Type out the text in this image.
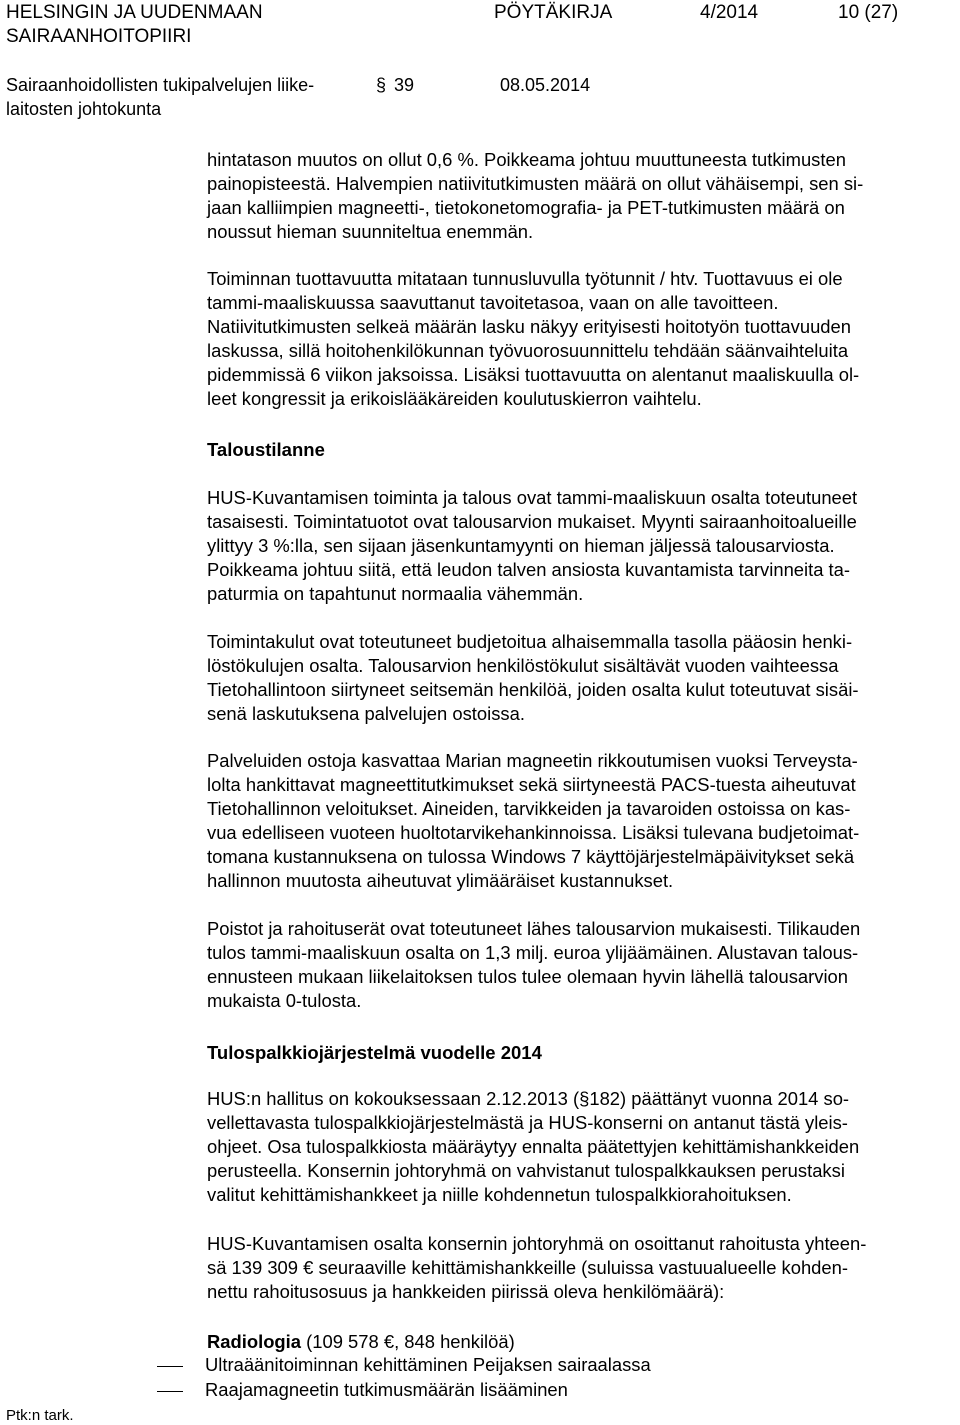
HELSINGIN JA UUDENMAAN
SAIRAANHOITOPIIRI
PÖYTÄKIRJA	4/2014	10 (27)
Sairaanhoidollisten tukipalvelujen liike-
laitosten johtokunta
§ 39	08.05.2014
hintatason muutos on ollut 0,6 %. Poikkeama johtuu muuttuneesta tutkimusten
painopisteestä. Halvempien natiivitutkimusten määrä on ollut vähäisempi, sen si-
jaan kalliimpien magneetti-, tietokonetomografia- ja PET-tutkimusten määrä on
noussut hieman suunniteltua enemmän.
Toiminnan tuottavuutta mitataan tunnusluvulla työtunnit / htv. Tuottavuus ei ole
tammi-maaliskuussa saavuttanut tavoitetasoa, vaan on alle tavoitteen.
Natiivitutkimusten selkeä määrän lasku näkyy erityisesti hoitotyön tuottavuuden
laskussa, sillä hoitohenkilökunnan työvuorosuunnittelu tehdään säänvaihteluita
pidemmissä 6 viikon jaksoissa. Lisäksi tuottavuutta on alentanut maaliskuulla ol-
leet kongressit ja erikoislääkäreiden koulutuskierron vaihtelu.
Taloustilanne
HUS-Kuvantamisen toiminta ja talous ovat tammi-maaliskuun osalta toteutuneet
tasaisesti. Toimintatuotot ovat talousarvion mukaiset. Myynti sairaanhoitoalueille
ylittyy 3 %:lla, sen sijaan jäsenkuntamyynti on hieman jäljessä talousarviosta.
Poikkeama johtuu siitä, että leudon talven ansiosta kuvantamista tarvinneita ta-
paturmia on tapahtunut normaalia vähemmän.
Toimintakulut ovat toteutuneet budjetoitua alhaisemmalla tasolla pääosin henki-
löstökulujen osalta. Talousarvion henkilöstökulut sisältävät vuoden vaihteessa
Tietohallintoon siirtyneet seitsemän henkilöä, joiden osalta kulut toteutuvat sisäi-
senä laskutuksena palvelujen ostoissa.
Palveluiden ostoja kasvattaa Marian magneetin rikkoutumisen vuoksi Terveysta-
lolta hankittavat magneettitutkimukset sekä siirtyneestä PACS-tuesta aiheutuvat
Tietohallinnon veloitukset. Aineiden, tarvikkeiden ja tavaroiden ostoissa on kas-
vua edelliseen vuoteen huoltotarvikehankinnoissa. Lisäksi tulevana budjetoimat-
tomana kustannuksena on tulossa Windows 7 käyttöjärjestelmäpäivitykset sekä
hallinnon muutosta aiheutuvat ylimääräiset kustannukset.
Poistot ja rahoituserät ovat toteutuneet lähes talousarvion mukaisesti. Tilikauden
tulos tammi-maaliskuun osalta on 1,3 milj. euroa ylijäämäinen. Alustavan talous-
ennusteen mukaan liikelaitoksen tulos tulee olemaan hyvin lähellä talousarvion
mukaista 0-tulosta.
Tulospalkkiojärjestelmä vuodelle 2014
HUS:n hallitus on kokouksessaan 2.12.2013 (§182) päättänyt vuonna 2014 so-
vellettavasta tulospalkkiojärjestelmästä ja HUS-konserni on antanut tästä yleis-
ohjeet. Osa tulospalkkiosta määräytyy ennalta päätettyjen kehittämishankkeiden
perusteella. Konsernin johtoryhmä on vahvistanut tulospalkkauksen perustaksi
valitut kehittämishankkeet ja niille kohdennetun tulospalkkiorahoituksen.
HUS-Kuvantamisen osalta konsernin johtoryhmä on osoittanut rahoitusta yhteen-
sä 139 309 € seuraaville kehittämishankkeille (suluissa vastuualueelle kohden-
nettu rahoitusosuus ja hankkeiden piirissä oleva henkilömäärä):
Radiologia (109 578 €, 848 henkilöä)
Ultraäänitoiminnan kehittäminen Peijaksen sairaalassa
Raajamagneetin tutkimusmäärän lisääminen
Ptk:n tark.
